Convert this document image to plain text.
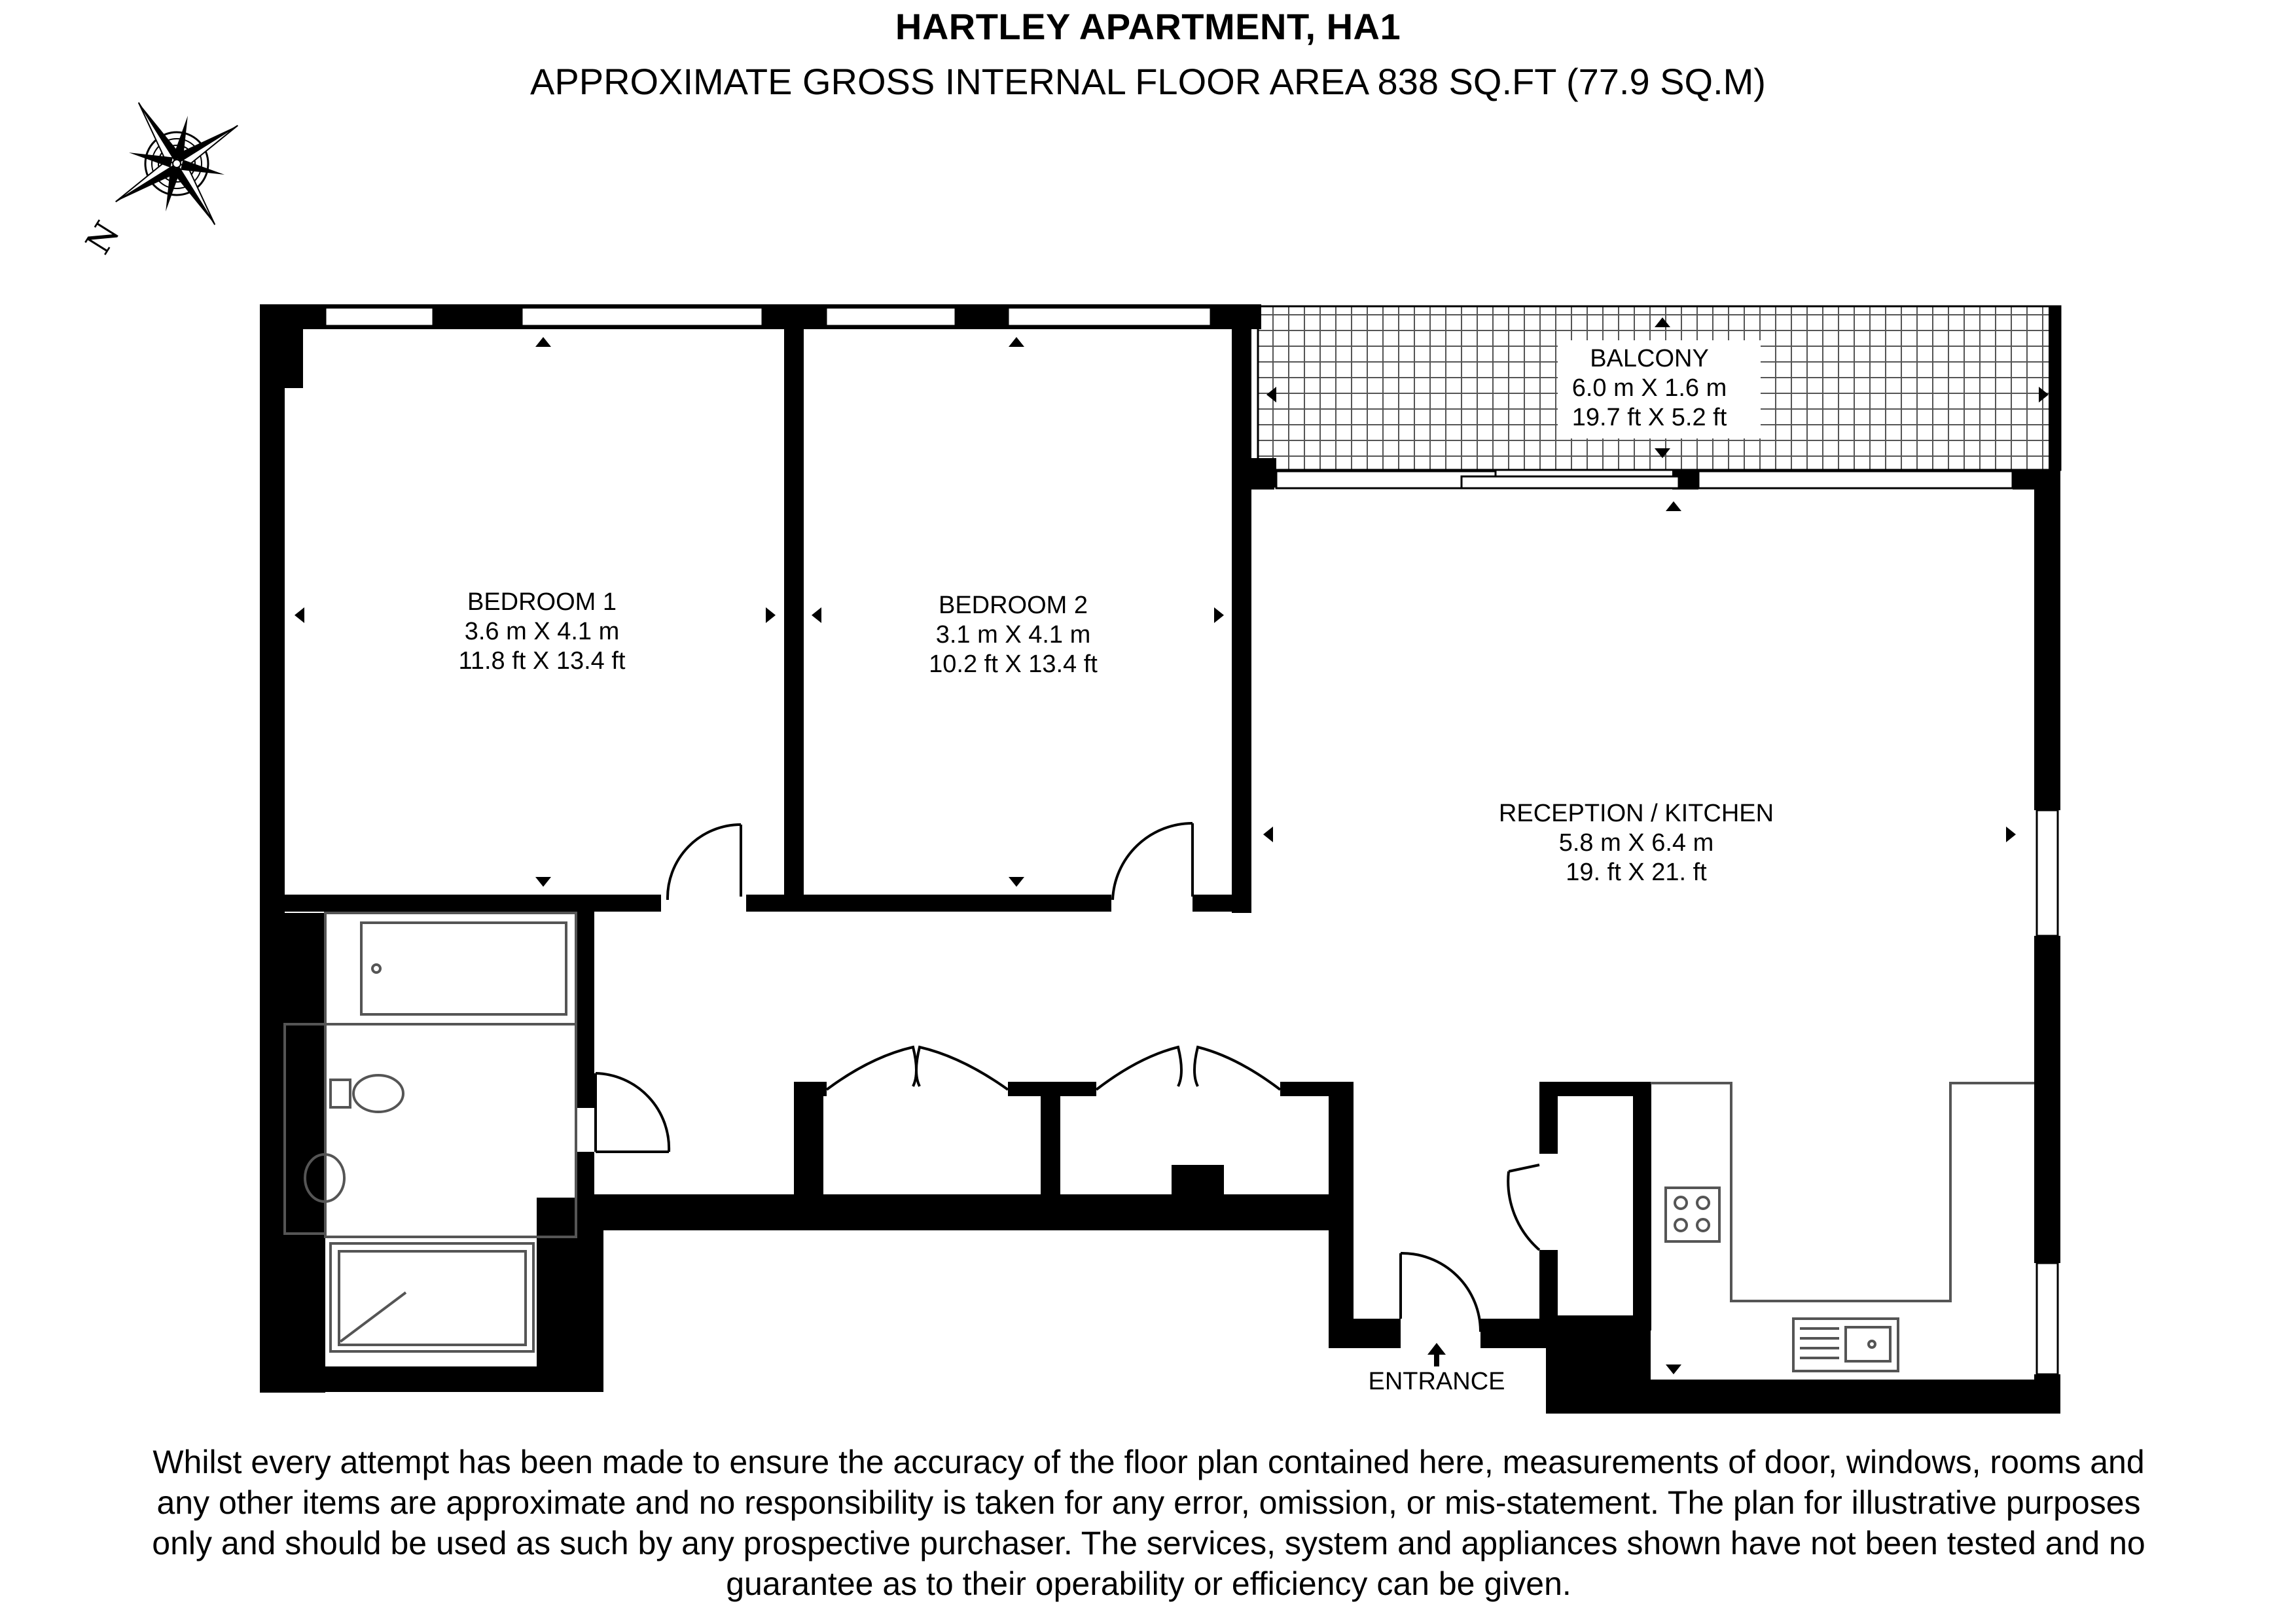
HARTLEY APARTMENT, HA1
APPROXIMATE GROSS INTERNAL FLOOR AREA 838 SQ.FT (77.9 SQ.M)
N
BEDROOM 1
3.6 m X 4.1 m
11.8 ft X 13.4 ft
BEDROOM 2
3.1 m X 4.1 m
10.2 ft X 13.4 ft
BALCONY
6.0 m X 1.6 m
19.7 ft X 5.2 ft
RECEPTION / KITCHEN
5.8 m X 6.4 m
19. ft X 21. ft
ENTRANCE
Whilst every attempt has been made to ensure the accuracy of the floor plan contained here, measurements of door, windows, rooms and any other items are approximate and no responsibility is taken for any error, omission, or mis-statement. The plan for illustrative purposes only and should be used as such by any prospective purchaser. The services, system and appliances shown have not been tested and no guarantee as to their operability or efficiency can be given.
